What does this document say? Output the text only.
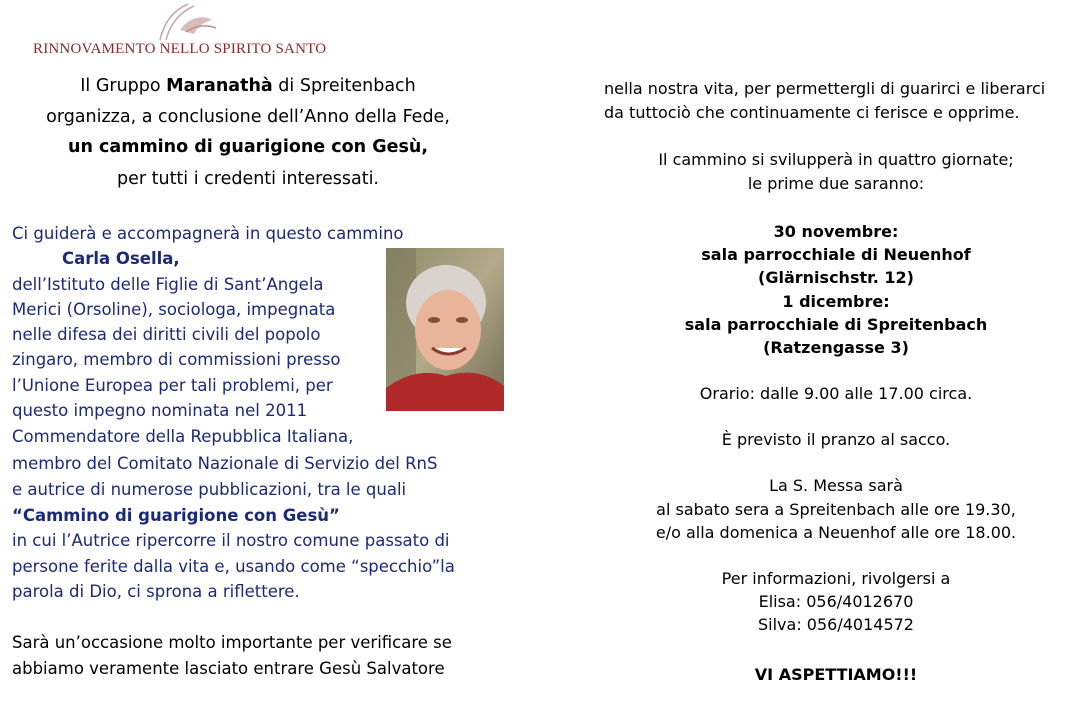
RINNOVAMENTO NELLO SPIRITO SANTO
Il Gruppo Maranathà di Spreitenbach
organizza, a conclusione dell’Anno della Fede,
un cammino di guarigione con Gesù,
per tutti i credenti interessati.
Ci guiderà e accompagnerà in questo cammino
Carla Osella,
dell’Istituto delle Figlie di Sant’Angela
Merici (Orsoline), sociologa, impegnata
nelle difesa dei diritti civili del popolo
zingaro, membro di commissioni presso
l’Unione Europea per tali problemi, per
questo impegno nominata nel 2011
Commendatore della Repubblica Italiana,
membro del Comitato Nazionale di Servizio del RnS
e autrice di numerose pubblicazioni, tra le quali
“Cammino di guarigione con Gesù”
in cui l’Autrice ripercorre il nostro comune passato di
persone ferite dalla vita e, usando come “specchio”la
parola di Dio, ci sprona a riflettere.
Sarà un’occasione molto importante per verificare se
abbiamo veramente lasciato entrare Gesù Salvatore
nella nostra vita, per permettergli di guarirci e liberarci
da tuttociò che continuamente ci ferisce e opprime.
Il cammino si svilupperà in quattro giornate;
le prime due saranno:
30 novembre:
sala parrocchiale di Neuenhof
(Glärnischstr. 12)
1 dicembre:
sala parrocchiale di Spreitenbach
(Ratzengasse 3)
Orario: dalle 9.00 alle 17.00 circa.
È previsto il pranzo al sacco.
La S. Messa sarà
al sabato sera a Spreitenbach alle ore 19.30,
e/o alla domenica a Neuenhof alle ore 18.00.
Per informazioni, rivolgersi a
Elisa: 056/4012670
Silva: 056/4014572
VI ASPETTIAMO!!!
